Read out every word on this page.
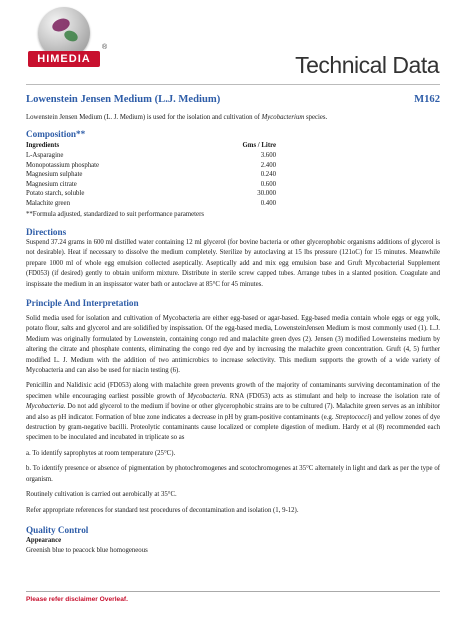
HIMEDIA
®
Technical Data
Lowenstein Jensen Medium (L.J. Medium)	M162
Lowenstein Jensen Medium (L. J. Medium) is used for the isolation and cultivation of Mycobacterium species.
Composition**
Ingredients	Gms / Litre
L-Asparagine	3.600
Monopotassium phosphate	2.400
Magnesium sulphate	0.240
Magnesium citrate	0.600
Potato starch, soluble	30.000
Malachite green	0.400
**Formula adjusted, standardized to suit performance parameters
Directions

Suspend 37.24 grams in 600 ml distilled water containing 12 ml glycerol (for bovine bacteria or other glycerophobic organisms additions of glycerol is not desirable). Heat if necessary to dissolve the medium completely. Sterilize by autoclaving at 15 lbs pressure (121oC) for 15 minutes. Meanwhile prepare 1000 ml of whole egg emulsion collected aseptically. Aseptically add and mix egg emulsion base and Gruft Mycobacterial Supplement (FD053) (if desired) gently to obtain uniform mixture. Distribute in sterile screw capped tubes. Arrange tubes in a slanted position. Coagulate and inspissate the medium in an inspissator water bath or autoclave at 85°C for 45 minutes.

Principle And Interpretation

Solid media used for isolation and cultivation of Mycobacteria are either egg-based or agar-based. Egg-based media contain whole eggs or egg yolk, potato flour, salts and glycerol and are solidified by inspissation. Of the egg-based media, LowensteinJensen Medium is most commonly used (1). L.J. Medium was originally formulated by Lowenstein, containing congo red and malachite green dyes (2). Jensen (3) modified Lowensteins medium by altering the citrate and phosphate contents, eliminating the congo red dye and by increasing the malachite green concentration. Gruft (4, 5) further modified L. J. Medium with the addition of two antimicrobics to increase selectivity. This medium supports the growth of a wide variety of Mycobacteria and can also be used for niacin testing (6).

Penicillin and Nalidixic acid (FD053) along with malachite green prevents growth of the majority of contaminants surviving decontamination of the specimen while encouraging earliest possible growth of Mycobacteria. RNA (FD053) acts as stimulant and help to increase the isolation rate of Mycobacteria. Do not add glycerol to the medium if bovine or other glycerophobic strains are to be cultured (7). Malachite green serves as an inhibitor and also as pH indicator. Formation of blue zone indicates a decrease in pH by gram-positive contaminants (e.g. Streptococci) and yellow zones of dye destruction by gram-negative bacilli. Proteolytic contaminants cause localized or complete digestion of medium. Hardy et al (8) recommended each specimen to be inoculated and incubated in triplicate so as

a. To identify saprophytes at room temperature (25°C).

b. To identify presence or absence of pigmentation by photochromogenes and scotochromogenes at 35°C alternately in light and dark as per the type of organism.

Routinely cultivation is carried out aerobically at 35°C.

Refer appropriate references for standard test procedures of decontamination and isolation (1, 9-12).

Quality Control
Appearance
Greenish blue to peacock blue homogeneous
Please refer disclaimer Overleaf.
